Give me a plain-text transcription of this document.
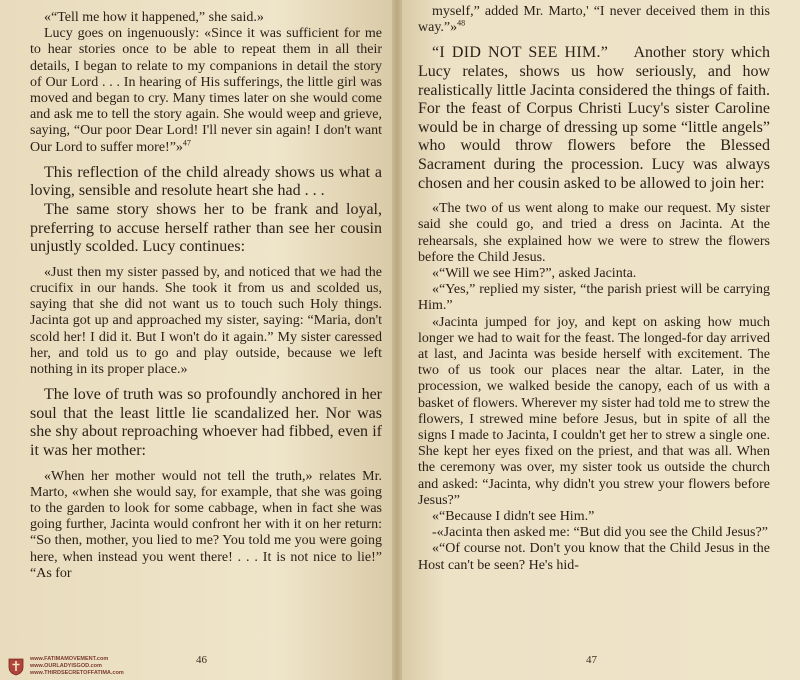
«“Tell me how it happened,” she said.»

Lucy goes on ingenuously: «Since it was sufficient for me to hear stories once to be able to repeat them in all their details, I began to relate to my companions in detail the story of Our Lord . . . In hearing of His sufferings, the little girl was moved and began to cry. Many times later on she would come and ask me to tell the story again. She would weep and grieve, saying, “Our poor Dear Lord! I'll never sin again! I don't want Our Lord to suffer more!”»$^{47}$

This reflection of the child already shows us what a loving, sensible and resolute heart she had . . .

The same story shows her to be frank and loyal, preferring to accuse herself rather than see her cousin unjustly scolded. Lucy continues:

«Just then my sister passed by, and noticed that we had the crucifix in our hands. She took it from us and scolded us, saying that she did not want us to touch such Holy things. Jacinta got up and approached my sister, saying: “Maria, don't scold her! I did it. But I won't do it again.” My sister caressed her, and told us to go and play outside, because we left nothing in its proper place.»

The love of truth was so profoundly anchored in her soul that the least little lie scandalized her. Nor was she shy about reproaching whoever had fibbed, even if it was her mother:

«When her mother would not tell the truth,» relates Mr. Marto, «when she would say, for example, that she was going to the garden to look for some cabbage, when in fact she was going further, Jacinta would confront her with it on her return: “So then, mother, you lied to me? You told me you were going here, when instead you went there! . . . It is not nice to lie!” “As for

46
www.FATIMAMOVEMENT.com
www.OURLADYISGOD.com
www.THIRDSECRETOFFATIMA.com

myself,” added Mr. Marto,' “I never deceived them in this way.”»$^{48}$

“I DID NOT SEE HIM.” Another story which Lucy relates, shows us how seriously, and how realistically little Jacinta considered the things of faith. For the feast of Corpus Christi Lucy's sister Caroline would be in charge of dressing up some “little angels” who would throw flowers before the Blessed Sacrament during the procession. Lucy was always chosen and her cousin asked to be allowed to join her:

«The two of us went along to make our request. My sister said she could go, and tried a dress on Jacinta. At the rehearsals, she explained how we were to strew the flowers before the Child Jesus.

«“Will we see Him?”, asked Jacinta.

«“Yes,” replied my sister, “the parish priest will be carrying Him.”

«Jacinta jumped for joy, and kept on asking how much longer we had to wait for the feast. The longed-for day arrived at last, and Jacinta was beside herself with excitement. The two of us took our places near the altar. Later, in the procession, we walked beside the canopy, each of us with a basket of flowers. Wherever my sister had told me to strew the flowers, I strewed mine before Jesus, but in spite of all the signs I made to Jacinta, I couldn't get her to strew a single one. She kept her eyes fixed on the priest, and that was all. When the ceremony was over, my sister took us outside the church and asked: “Jacinta, why didn't you strew your flowers before Jesus?”

«“Because I didn't see Him.”

-«Jacinta then asked me: “But did you see the Child Jesus?”

«“Of course not. Don't you know that the Child Jesus in the Host can't be seen? He's hid-

47
